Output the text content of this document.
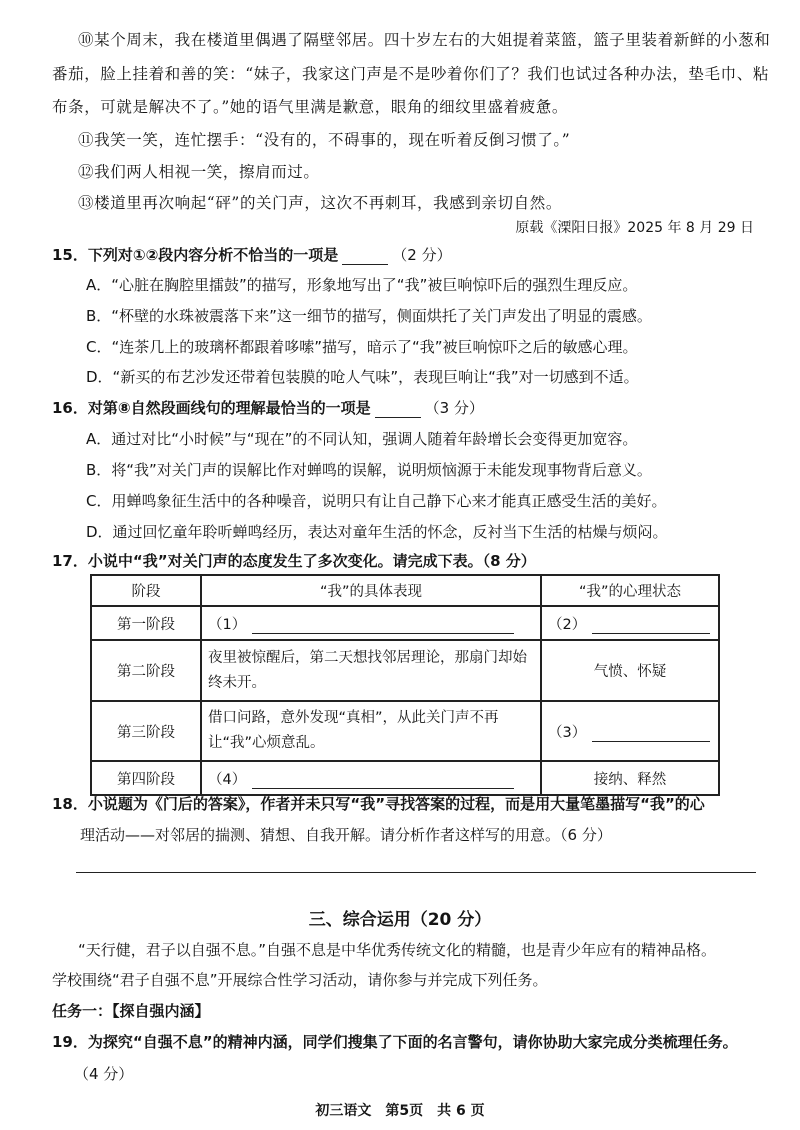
⑩某个周末，我在楼道里偶遇了隔壁邻居。四十岁左右的大姐提着菜篮，篮子里装着新鲜的小葱和
番茄，脸上挂着和善的笑：“妹子，我家这门声是不是吵着你们了？我们也试过各种办法，垫毛巾、粘
布条，可就是解决不了。”她的语气里满是歉意，眼角的细纹里盛着疲惫。
⑪我笑一笑，连忙摆手：“没有的，不碍事的，现在听着反倒习惯了。”
⑫我们两人相视一笑，擦肩而过。
⑬楼道里再次响起“砰”的关门声，这次不再刺耳，我感到亲切自然。
原载《溧阳日报》2025 年 8 月 29 日
15．下列对①②段内容分析不恰当的一项是	（2 分）
A．“心脏在胸腔里擂鼓”的描写，形象地写出了“我”被巨响惊吓后的强烈生理反应。
B．“杯壁的水珠被震落下来”这一细节的描写，侧面烘托了关门声发出了明显的震感。
C．“连茶几上的玻璃杯都跟着哆嗦”描写，暗示了“我”被巨响惊吓之后的敏感心理。
D．“新买的布艺沙发还带着包装膜的呛人气味”，表现巨响让“我”对一切感到不适。
16．对第⑧自然段画线句的理解最恰当的一项是	（3 分）
A．通过对比“小时候”与“现在”的不同认知，强调人随着年龄增长会变得更加宽容。
B．将“我”对关门声的误解比作对蝉鸣的误解，说明烦恼源于未能发现事物背后意义。
C．用蝉鸣象征生活中的各种噪音，说明只有让自己静下心来才能真正感受生活的美好。
D．通过回忆童年聆听蝉鸣经历，表达对童年生活的怀念，反衬当下生活的枯燥与烦闷。
17．小说中“我”对关门声的态度发生了多次变化。请完成下表。（8 分）
阶段	“我”的具体表现	“我”的心理状态
第一阶段	（1）	（2）
第二阶段	夜里被惊醒后，第二天想找邻居理论，那扇门却始终未开。	气愤、怀疑
第三阶段	借口问路，意外发现“真相”，从此关门声不再让“我”心烦意乱。	（3）
第四阶段	（4）	接纳、释然
18．小说题为《门后的答案》，作者并未只写“我”寻找答案的过程，而是用大量笔墨描写“我”的心
理活动——对邻居的揣测、猜想、自我开解。请分析作者这样写的用意。（6 分）
三、综合运用（20 分）
“天行健，君子以自强不息。”自强不息是中华优秀传统文化的精髓，也是青少年应有的精神品格。
学校围绕“君子自强不息”开展综合性学习活动，请你参与并完成下列任务。
任务一：【探自强内涵】
19．为探究“自强不息”的精神内涵，同学们搜集了下面的名言警句，请你协助大家完成分类梳理任务。
（4 分）
初三语文　第5页　共 6 页
